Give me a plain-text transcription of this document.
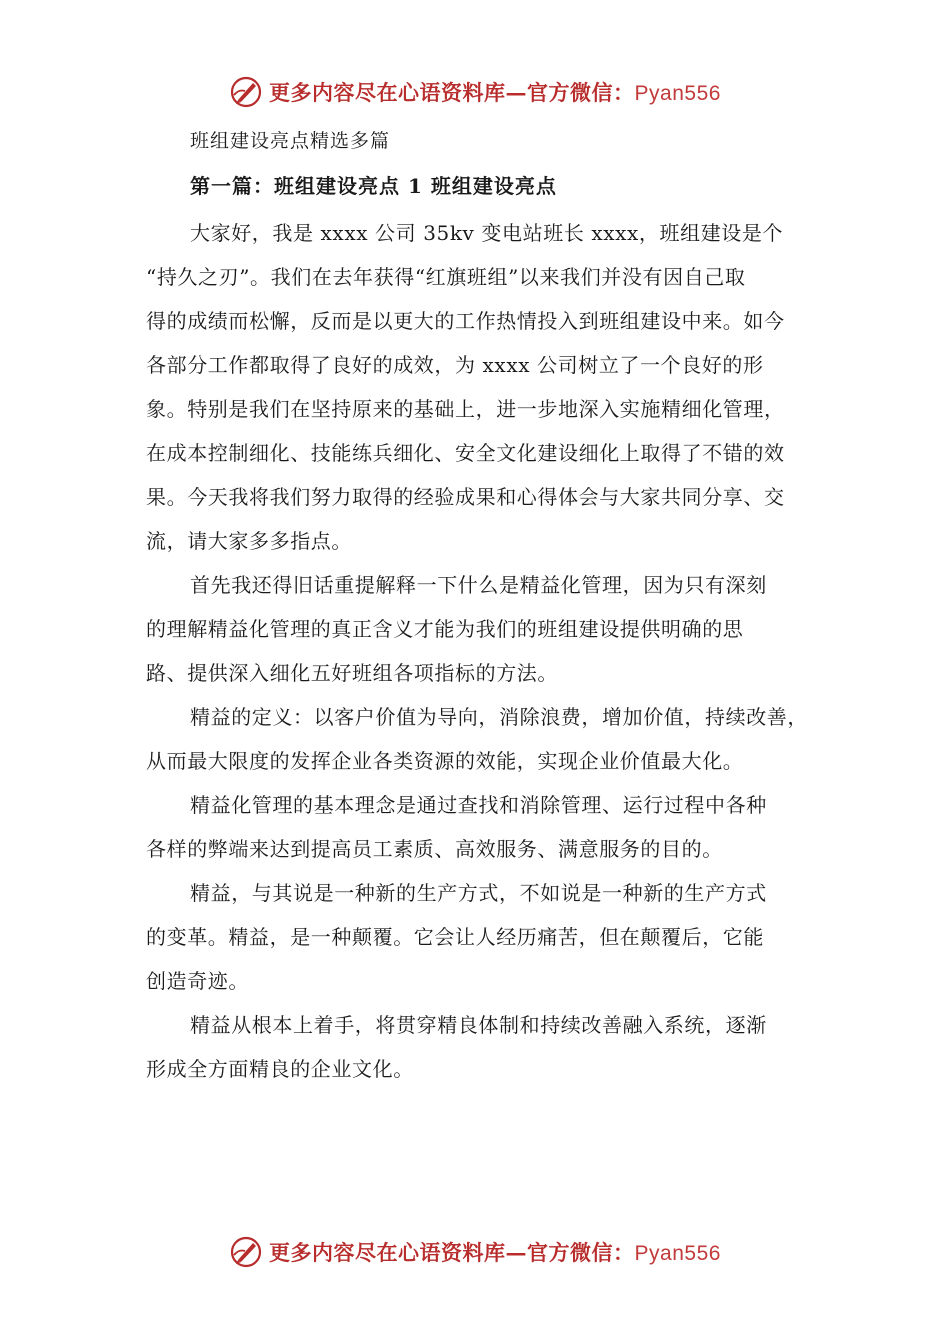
更多内容尽在心语资料库—官方微信：Pyan556
班组建设亮点精选多篇
第一篇：班组建设亮点 1 班组建设亮点

大家好，我是 xxxx 公司 35kv 变电站班长 xxxx，班组建设是个
“持久之刃”。我们在去年获得“红旗班组”以来我们并没有因自己取
得的成绩而松懈，反而是以更大的工作热情投入到班组建设中来。如今
各部分工作都取得了良好的成效，为 xxxx 公司树立了一个良好的形
象。特别是我们在坚持原来的基础上，进一步地深入实施精细化管理，
在成本控制细化、技能练兵细化、安全文化建设细化上取得了不错的效
果。今天我将我们努力取得的经验成果和心得体会与大家共同分享、交
流，请大家多多指点。

首先我还得旧话重提解释一下什么是精益化管理，因为只有深刻
的理解精益化管理的真正含义才能为我们的班组建设提供明确的思
路、提供深入细化五好班组各项指标的方法。

精益的定义：以客户价值为导向，消除浪费，增加价值，持续改善，
从而最大限度的发挥企业各类资源的效能，实现企业价值最大化。

精益化管理的基本理念是通过查找和消除管理、运行过程中各种
各样的弊端来达到提高员工素质、高效服务、满意服务的目的。

精益，与其说是一种新的生产方式，不如说是一种新的生产方式
的变革。精益，是一种颠覆。它会让人经历痛苦，但在颠覆后，它能
创造奇迹。

精益从根本上着手，将贯穿精良体制和持续改善融入系统，逐渐
形成全方面精良的企业文化。

更多内容尽在心语资料库—官方微信：Pyan556
